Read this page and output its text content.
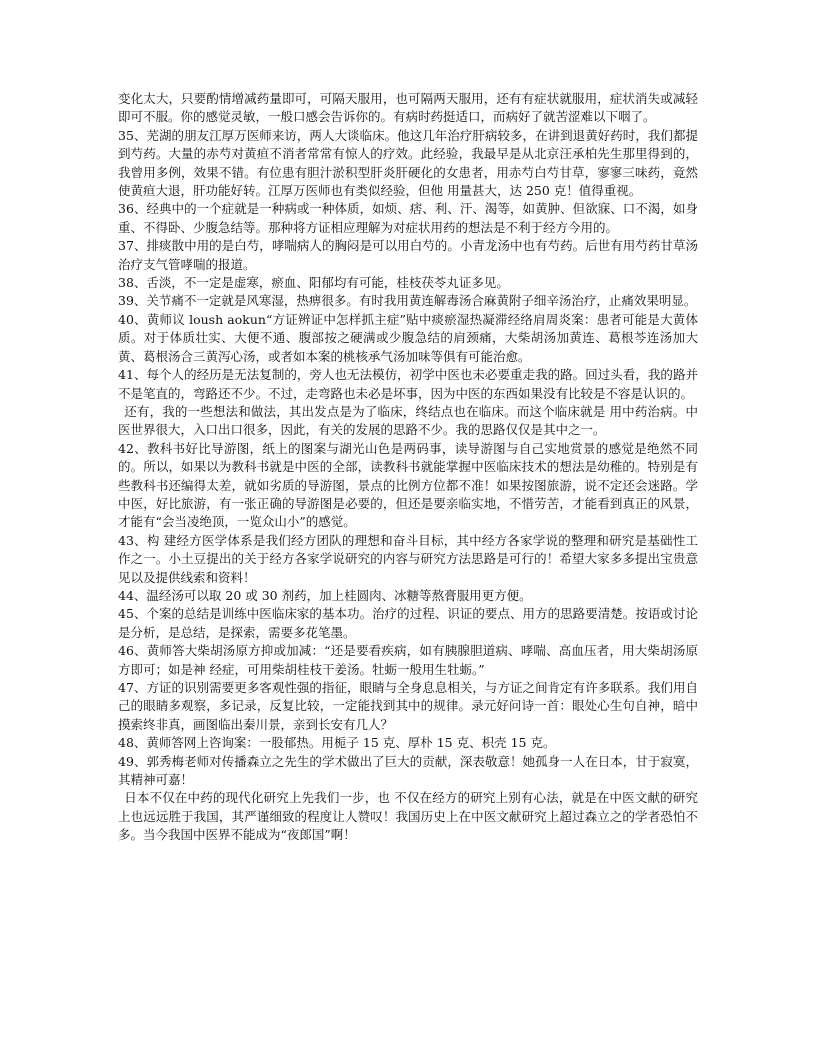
变化太大，只要酌情增减药量即可，可隔天服用，也可隔两天服用，还有有症状就服用，症状消失或减轻即可不服。你的感觉灵敏，一般口感会告诉你的。有病时药挺适口，而病好了就苦涩难以下咽了。

35、芜湖的朋友江厚万医师来访，两人大谈临床。他这几年治疗肝病较多，在讲到退黄好药时，我们都提到芍药。大量的赤芍对黄疸不消者常常有惊人的疗效。此经验，我最早是从北京汪承柏先生那里得到的，我曾用多例，效果不错。有位患有胆汁淤积型肝炎肝硬化的女患者，用赤芍白芍甘草，寥寥三味药，竟然使黄疸大退，肝功能好转。江厚万医师也有类似经验，但他 用量甚大，达 250 克！值得重视。

36、经典中的一个症就是一种病或一种体质，如烦、痞、利、汗、渴等，如黄肿、但欲寐、口不渴，如身重、不得卧、少腹急结等。那种将方证相应理解为对症状用药的想法是不利于经方今用的。

37、排痰散中用的是白芍，哮喘病人的胸闷是可以用白芍的。小青龙汤中也有芍药。后世有用芍药甘草汤治疗支气管哮喘的报道。

38、舌淡，不一定是虚寒，瘀血、阳郁均有可能，桂枝茯苓丸证多见。

39、关节痛不一定就是风寒湿，热痹很多。有时我用黄连解毒汤合麻黄附子细辛汤治疗，止痛效果明显。

40、黄师议 loush aokun“方证辨证中怎样抓主症”贴中痰瘀湿热凝滞经络肩周炎案：患者可能是大黄体质。对于体质壮实、大便不通、腹部按之硬满或少腹急结的肩颈痛，大柴胡汤加黄连、葛根芩连汤加大黄、葛根汤合三黄泻心汤，或者如本案的桃核承气汤加味等俱有可能治愈。

41、每个人的经历是无法复制的，旁人也无法模仿，初学中医也未必要重走我的路。回过头看，我的路并不是笔直的，弯路还不少。不过，走弯路也未必是坏事，因为中医的东西如果没有比较是不容是认识的。

还有，我的一些想法和做法，其出发点是为了临床，终结点也在临床。而这个临床就是 用中药治病。中医世界很大，入口出口很多，因此，有关的发展的思路不少。我的思路仅仅是其中之一。

42、教科书好比导游图，纸上的图案与湖光山色是两码事，读导游图与自己实地赏景的感觉是绝然不同的。所以，如果以为教科书就是中医的全部，读教科书就能掌握中医临床技术的想法是幼稚的。特别是有些教科书还编得太差，就如劣质的导游图，景点的比例方位都不准！如果按图旅游，说不定还会迷路。学中医，好比旅游，有一张正确的导游图是必要的，但还是要亲临实地，不惜劳苦，才能看到真正的风景，才能有“会当凌绝顶，一览众山小”的感觉。

43、构 建经方医学体系是我们经方团队的理想和奋斗目标，其中经方各家学说的整理和研究是基础性工作之一。小土豆提出的关于经方各家学说研究的内容与研究方法思路是可行的！希望大家多多提出宝贵意见以及提供线索和资料！

44、温经汤可以取 20 或 30 剂药，加上桂圆肉、冰糖等熬膏服用更方便。

45、个案的总结是训练中医临床家的基本功。治疗的过程、识证的要点、用方的思路要清楚。按语或讨论是分析，是总结，是探索，需要多花笔墨。

46、黄师答大柴胡汤原方抑或加减：“还是要看疾病，如有胰腺胆道病、哮喘、高血压者，用大柴胡汤原方即可；如是神 经症，可用柴胡桂枝干姜汤。牡蛎一般用生牡蛎。”

47、方证的识别需要更多客观性强的指征，眼睛与全身息息相关，与方证之间肯定有许多联系。我们用自己的眼睛多观察，多记录，反复比较，一定能找到其中的规律。录元好问诗一首：眼处心生句自神，暗中摸索终非真，画图临出秦川景，亲到长安有几人？

48、黄师答网上咨询案：一股郁热。用栀子 15 克、厚朴 15 克、枳壳 15 克。

49、郭秀梅老师对传播森立之先生的学术做出了巨大的贡献，深表敬意！她孤身一人在日本，甘于寂寞，其精神可嘉！

日本不仅在中药的现代化研究上先我们一步，也 不仅在经方的研究上别有心法，就是在中医文献的研究上也远远胜于我国，其严谨细致的程度让人赞叹！我国历史上在中医文献研究上超过森立之的学者恐怕不多。当今我国中医界不能成为“夜郎国”啊！
